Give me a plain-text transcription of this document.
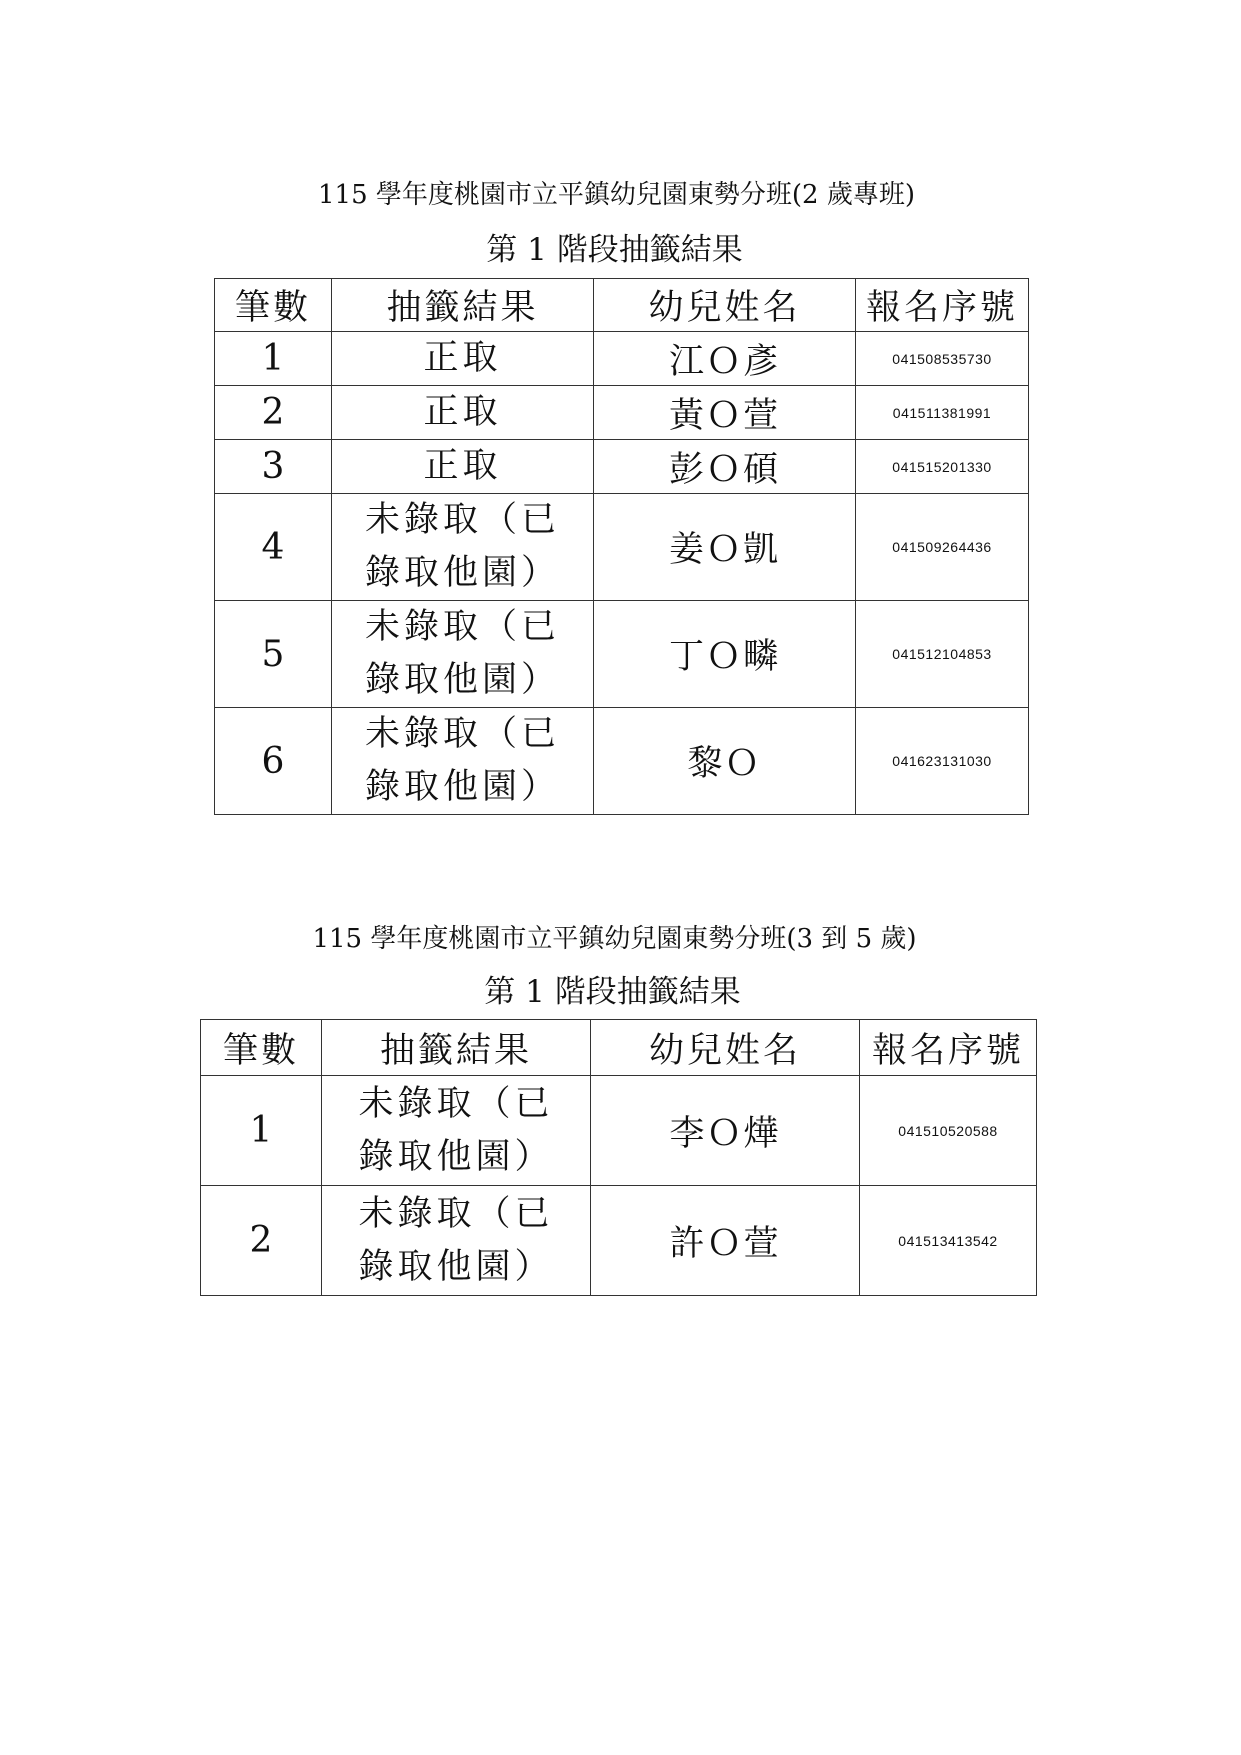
115 學年度桃園市立平鎮幼兒園東勢分班(2 歲專班)
第 1 階段抽籤結果
筆數	抽籤結果	幼兒姓名	報名序號
1	正取	江Ｏ彥	041508535730
2	正取	黃Ｏ萱	041511381991
3	正取	彭Ｏ碩	041515201330
4	未錄取（已錄取他園）	姜Ｏ凱	041509264436
5	未錄取（已錄取他園）	丁Ｏ疄	041512104853
6	未錄取（已錄取他園）	黎Ｏ	041623131030
115 學年度桃園市立平鎮幼兒園東勢分班(3 到 5 歲)
第 1 階段抽籤結果
筆數	抽籤結果	幼兒姓名	報名序號
1	未錄取（已錄取他園）	李Ｏ燁	041510520588
2	未錄取（已錄取他園）	許Ｏ萱	041513413542
